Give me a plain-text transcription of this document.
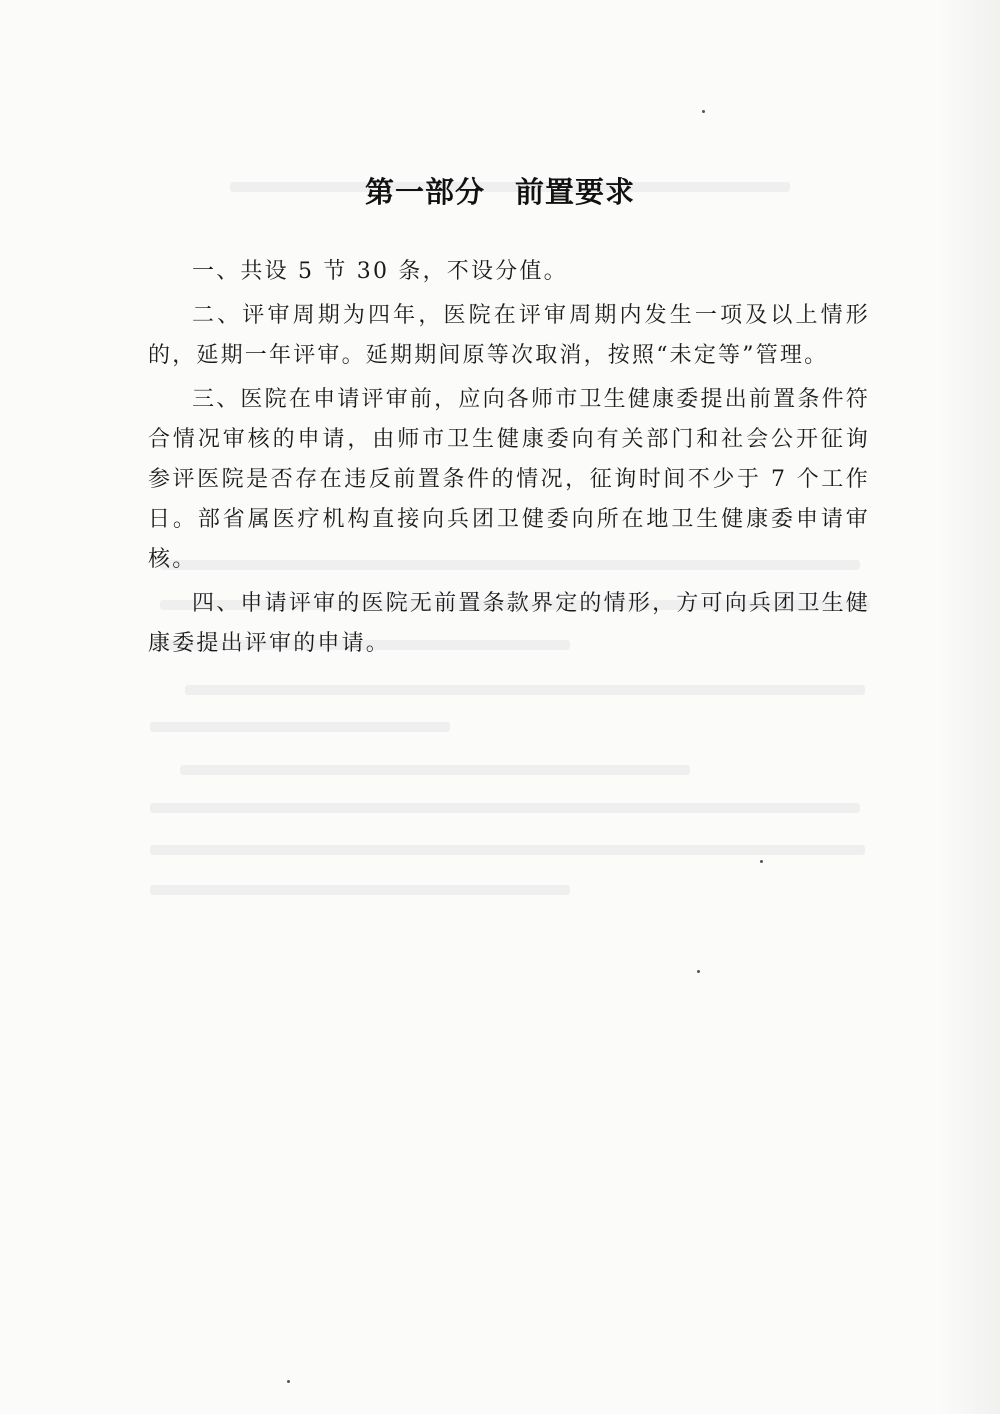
第一部分　前置要求

一、共设 5 节 30 条，不设分值。

二、评审周期为四年，医院在评审周期内发生一项及以上情形的，延期一年评审。延期期间原等次取消，按照“未定等”管理。

三、医院在申请评审前，应向各师市卫生健康委提出前置条件符合情况审核的申请，由师市卫生健康委向有关部门和社会公开征询参评医院是否存在违反前置条件的情况，征询时间不少于 7 个工作日。部省属医疗机构直接向兵团卫健委向所在地卫生健康委申请审核。

四、申请评审的医院无前置条款界定的情形，方可向兵团卫生健康委提出评审的申请。
